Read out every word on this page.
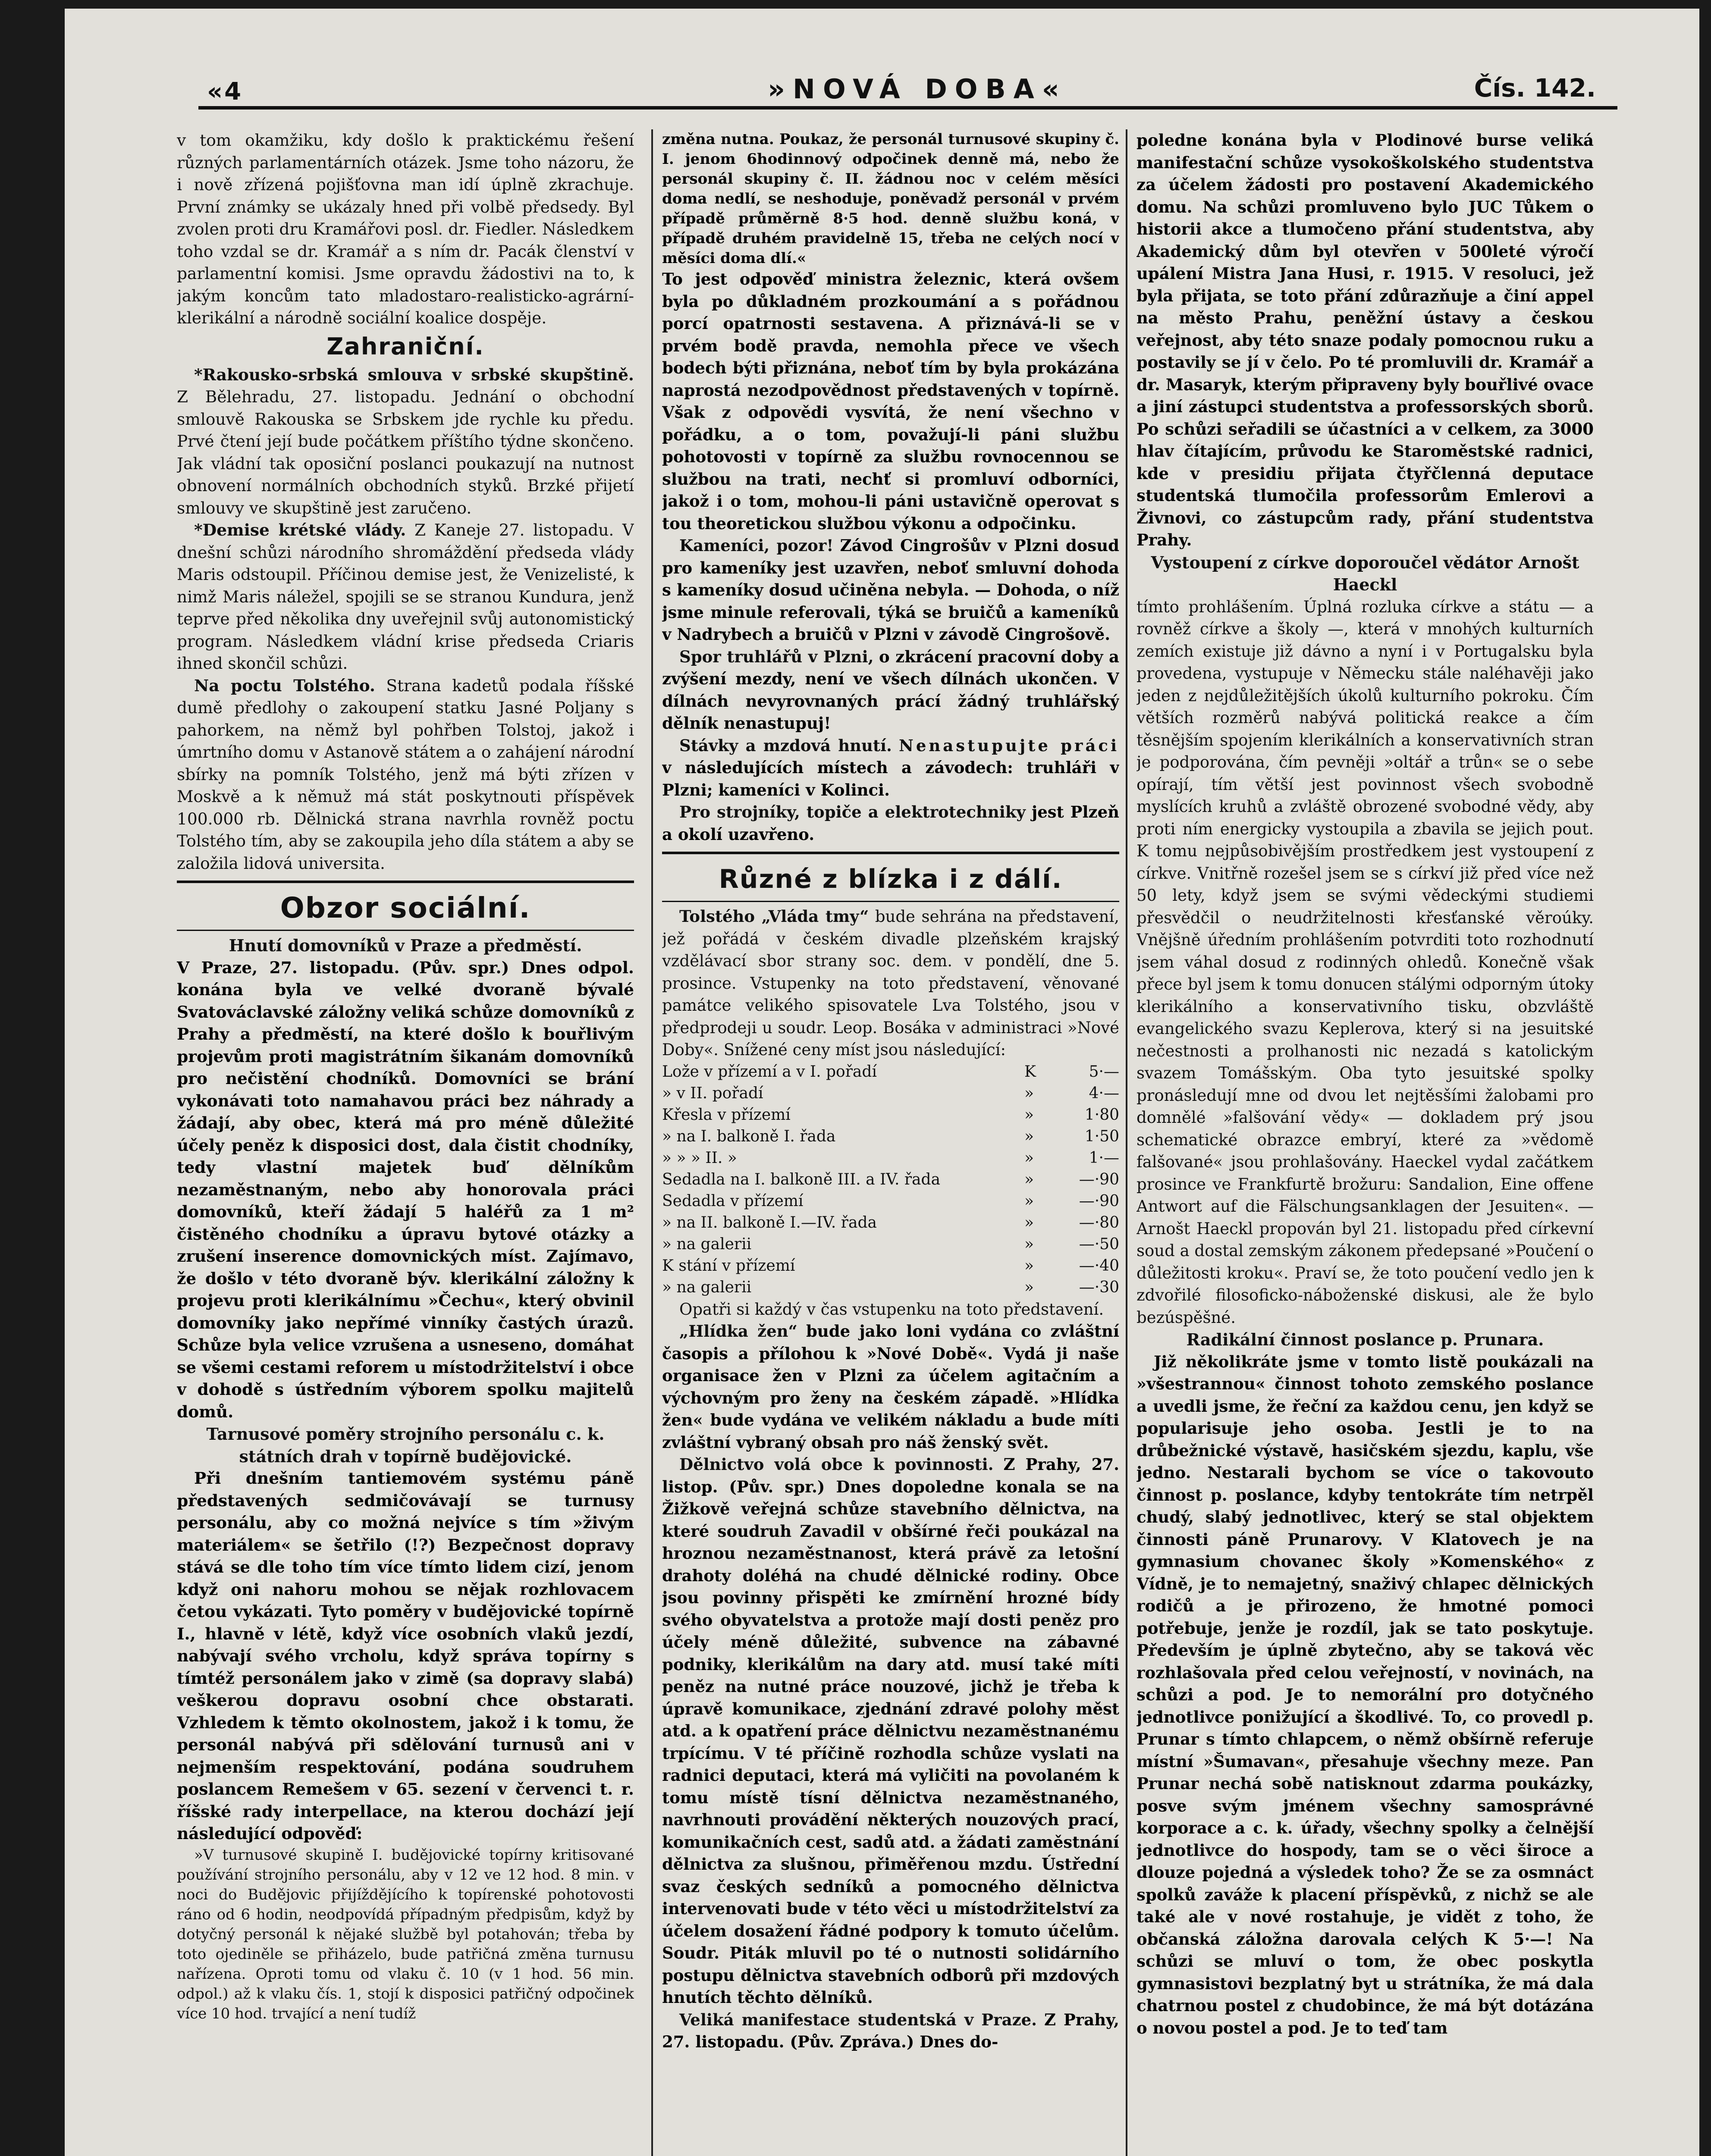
«4	»NOVÁ DOBA«	Čís. 142.

v tom okamžiku, kdy došlo k praktickému řešení různých parlamentárních otázek. Jsme toho názoru, že i nově zřízená pojišťovna man idí úplně zkrachuje. První známky se ukázaly hned při volbě předsedy. Byl zvolen proti dru Kramářovi posl. dr. Fiedler. Následkem toho vzdal se dr. Kramář a s ním dr. Pacák členství v parlamentní komisi. Jsme opravdu žádostivi na to, k jakým koncům tato mladostaro-realisticko-agrární-klerikální a národně sociální koalice dospěje.

Zahraniční.

*Rakousko-srbská smlouva v srbské skupštině. Z Bělehradu, 27. listopadu. Jednání o obchodní smlouvě Rakouska se Srbskem jde rychle ku předu. Prvé čtení její bude počátkem příštího týdne skončeno. Jak vládní tak oposiční poslanci poukazují na nutnost obnovení normálních obchodních styků. Brzké přijetí smlouvy ve skupštině jest zaručeno.

*Demise krétské vlády. Z Kaneje 27. listopadu. V dnešní schůzi národního shromáždění předseda vlády Maris odstoupil. Příčinou demise jest, že Venizelisté, k nimž Maris náležel, spojili se se stranou Kundura, jenž teprve před několika dny uveřejnil svůj autonomistický program. Následkem vládní krise předseda Criaris ihned skončil schůzi.

Na poctu Tolstého. Strana kadetů podala říšské dumě předlohy o zakoupení statku Jasné Poljany s pahorkem, na němž byl pohřben Tolstoj, jakož i úmrtního domu v Astanově státem a o zahájení národní sbírky na pomník Tolstého, jenž má býti zřízen v Moskvě a k němuž má stát poskytnouti příspěvek 100.000 rb. Dělnická strana navrhla rovněž poctu Tolstého tím, aby se zakoupila jeho díla státem a aby se založila lidová universita.

Obzor sociální.

Hnutí domovníků v Praze a předměstí.

V Praze, 27. listopadu. (Pův. spr.) Dnes odpol. konána byla ve velké dvoraně bývalé Svatováclavské záložny veliká schůze domovníků z Prahy a předměstí, na které došlo k bouřlivým projevům proti magistrátním šikanám domovníků pro nečistění chodníků. Domovníci se brání vykonávati toto namahavou práci bez náhrady a žádají, aby obec, která má pro méně důležité účely peněz k disposici dost, dala čistit chodníky, tedy vlastní majetek buď dělníkům nezaměstnaným, nebo aby honorovala práci domovníků, kteří žádají 5 haléřů za 1 m² čistěného chodníku a úpravu bytové otázky a zrušení inserence domovnických míst. Zajímavo, že došlo v této dvoraně býv. klerikální záložny k projevu proti klerikálnímu »Čechu«, který obvinil domovníky jako nepřímé vinníky častých úrazů. Schůze byla velice vzrušena a usneseno, domáhat se všemi cestami reforem u místodržitelství i obce v dohodě s ústředním výborem spolku majitelů domů.

Tarnusové poměry strojního personálu c. k. státních drah v topírně budějovické.

Při dnešním tantiemovém systému páně představených sedmičovávají se turnusy personálu, aby co možná nejvíce s tím »živým materiálem« se šetřilo (!?) Bezpečnost dopravy stává se dle toho tím více tímto lidem cizí, jenom když oni nahoru mohou se nějak rozhlovacem četou vykázati. Tyto poměry v budějovické topírně I., hlavně v létě, když více osobních vlaků jezdí, nabývají svého vrcholu, když správa topírny s tímtéž personálem jako v zimě (sa dopravy slabá) veškerou dopravu osobní chce obstarati. Vzhledem k těmto okolnostem, jakož i k tomu, že personál nabývá při sdělování turnusů ani v nejmenším respektování, podána soudruhem poslancem Remešem v 65. sezení v červenci t. r. říšské rady interpellace, na kterou dochází její následující odpověď:

»V turnusové skupině I. budějovické topírny kritisované používání strojního personálu, aby v 12 ve 12 hod. 8 min. v noci do Budějovic přijíždějícího k topírenské pohotovosti ráno od 6 hodin, neodpovídá případným předpisům, když by dotyčný personál k nějaké službě byl potahován; třeba by toto ojediněle se přiházelo, bude patřičná změna turnusu nařízena. Oproti tomu od vlaku č. 10 (v 1 hod. 56 min. odpol.) až k vlaku čís. 1, stojí k disposici patřičný odpočinek více 10 hod. trvající a není tudíž

změna nutna. Poukaz, že personál turnusové skupiny č. I. jenom 6hodinnový odpočinek denně má, nebo že personál skupiny č. II. žádnou noc v celém měsíci doma nedlí, se neshoduje, poněvadž personál v prvém případě průměrně 8·5 hod. denně službu koná, v případě druhém pravidelně 15, třeba ne celých nocí v měsíci doma dlí.«

To jest odpověď ministra železnic, která ovšem byla po důkladném prozkoumání a s pořádnou porcí opatrnosti sestavena. A přiznává-li se v prvém bodě pravda, nemohla přece ve všech bodech býti přiznána, neboť tím by byla prokázána naprostá nezodpovědnost představených v topírně. Však z odpovědi vysvítá, že není všechno v pořádku, a o tom, považují-li páni službu pohotovosti v topírně za službu rovnocennou se službou na trati, nechť si promluví odborníci, jakož i o tom, mohou-li páni ustavičně operovat s tou theoretickou službou výkonu a odpočinku.

Kameníci, pozor! Závod Cingrošův v Plzni dosud pro kameníky jest uzavřen, neboť smluvní dohoda s kameníky dosud učiněna nebyla. — Dohoda, o níž jsme minule referovali, týká se bruičů a kameníků v Nadrybech a bruičů v Plzni v závodě Cingrošově.

Spor truhlářů v Plzni, o zkrácení pracovní doby a zvýšení mezdy, není ve všech dílnách ukončen. V dílnách nevyrovnaných prácí žádný truhlářský dělník nenastupuj!

Stávky a mzdová hnutí. Nenastupujte práci v následujících místech a závodech: truhláři v Plzni; kameníci v Kolinci.

Pro strojníky, topiče a elektrotechniky jest Plzeň a okolí uzavřeno.

Různé z blízka i z dálí.

Tolstého „Vláda tmy“ bude sehrána na představení, jež pořádá v českém divadle plzeňském krajský vzdělávací sbor strany soc. dem. v pondělí, dne 5. prosince. Vstupenky na toto představení, věnované památce velikého spisovatele Lva Tolstého, jsou v předprodeji u soudr. Leop. Bosáka v administraci »Nové Doby«. Snížené ceny míst jsou následující:

Lože v přízemí a v I. pořadí	K	5·—
» v II. pořadí	»	4·—
Křesla v přízemí	»	1·80
» na I. balkoně I. řada	»	1·50
» » » II. »	»	1·—
Sedadla na I. balkoně III. a IV. řada	»	—·90
Sedadla v přízemí	»	—·90
» na II. balkoně I.—IV. řada	»	—·80
» na galerii	»	—·50
K stání v přízemí	»	—·40
» na galerii	»	—·30

Opatři si každý v čas vstupenku na toto představení.

„Hlídka žen“ bude jako loni vydána co zvláštní časopis a přílohou k »Nové Době«. Vydá ji naše organisace žen v Plzni za účelem agitačním a výchovným pro ženy na českém západě. »Hlídka žen« bude vydána ve velikém nákladu a bude míti zvláštní vybraný obsah pro náš ženský svět.

Dělnictvo volá obce k povinnosti. Z Prahy, 27. listop. (Pův. spr.) Dnes dopoledne konala se na Žižkově veřejná schůze stavebního dělnictva, na které soudruh Zavadil v obšírné řeči poukázal na hroznou nezaměstnanost, která právě za letošní drahoty doléhá na chudé dělnické rodiny. Obce jsou povinny přispěti ke zmírnění hrozné bídy svého obyvatelstva a protože mají dosti peněz pro účely méně důležité, subvence na zábavné podniky, klerikálům na dary atd. musí také míti peněz na nutné práce nouzové, jichž je třeba k úpravě komunikace, zjednání zdravé polohy měst atd. a k opatření práce dělnictvu nezaměstnanému trpícímu. V té příčině rozhodla schůze vyslati na radnici deputaci, která má vyličiti na povolaném k tomu místě tísní dělnictva nezaměstnaného, navrhnouti provádění některých nouzových prací, komunikačních cest, sadů atd. a žádati zaměstnání dělnictva za slušnou, přiměřenou mzdu. Ústřední svaz českých sedníků a pomocného dělnictva intervenovati bude v této věci u místodržitelství za účelem dosažení řádné podpory k tomuto účelům. Soudr. Piták mluvil po té o nutnosti solidárního postupu dělnictva stavebních odborů při mzdových hnutích těchto dělníků.

Veliká manifestace studentská v Praze. Z Prahy, 27. listopadu. (Pův. Zpráva.) Dnes do-

poledne konána byla v Plodinové burse veliká manifestační schůze vysokoškolského studentstva za účelem žádosti pro postavení Akademického domu. Na schůzi promluveno bylo JUC Tůkem o historii akce a tlumočeno přání studentstva, aby Akademický dům byl otevřen v 500leté výročí upálení Mistra Jana Husi, r. 1915. V resoluci, jež byla přijata, se toto přání zdůrazňuje a činí appel na město Prahu, peněžní ústavy a českou veřejnost, aby této snaze podaly pomocnou ruku a postavily se jí v čelo. Po té promluvili dr. Kramář a dr. Masaryk, kterým připraveny byly bouřlivé ovace a jiní zástupci studentstva a professorských sborů. Po schůzi seřadili se účastníci a v celkem, za 3000 hlav čítajícím, průvodu ke Staroměstské radnici, kde v presidiu přijata čtyřčlenná deputace studentská tlumočila professorům Emlerovi a Živnovi, co zástupcům rady, přání studentstva Prahy.

Vystoupení z církve doporoučel vědátor Arnošt Haeckl

tímto prohlášením. Úplná rozluka církve a státu — a rovněž církve a školy —, která v mnohých kulturních zemích existuje již dávno a nyní i v Portugalsku byla provedena, vystupuje v Německu stále naléhavěji jako jeden z nejdůležitějších úkolů kulturního pokroku. Čím větších rozměrů nabývá politická reakce a čím těsnějším spojením klerikálních a konservativních stran je podporována, čím pevněji »oltář a trůn« se o sebe opírají, tím větší jest povinnost všech svobodně myslících kruhů a zvláště obrozené svobodné vědy, aby proti ním energicky vystoupila a zbavila se jejich pout. K tomu nejpůsobivějším prostředkem jest vystoupení z církve. Vnitřně rozešel jsem se s církví již před více než 50 lety, když jsem se svými vědeckými studiemi přesvědčil o neudržitelnosti křesťanské věroúky. Vnějšně úředním prohlášením potvrditi toto rozhodnutí jsem váhal dosud z rodinných ohledů. Konečně však přece byl jsem k tomu donucen stálými odporným útoky klerikálního a konservativního tisku, obzvláště evangelického svazu Keplerova, který si na jesuitské nečestnosti a prolhanosti nic nezadá s katolickým svazem Tomášským. Oba tyto jesuitské spolky pronásledují mne od dvou let nejtěsšími žalobami pro domnělé »falšování vědy« — dokladem prý jsou schematické obrazce embryí, které za »vědomě falšované« jsou prohlašovány. Haeckel vydal začátkem prosince ve Frankfurtě brožuru: Sandalion, Eine offene Antwort auf die Fälschungsanklagen der Jesuiten«. — Arnošt Haeckl propován byl 21. listopadu před církevní soud a dostal zemským zákonem předepsané »Poučení o důležitosti kroku«. Praví se, že toto poučení vedlo jen k zdvořilé filosoficko-náboženské diskusi, ale že bylo bezúspěšné.

Radikální činnost poslance p. Prunara.

Již několikráte jsme v tomto listě poukázali na »všestrannou« činnost tohoto zemského poslance a uvedli jsme, že řeční za každou cenu, jen když se popularisuje jeho osoba. Jestli je to na drůbežnické výstavě, hasičském sjezdu, kaplu, vše jedno. Nestarali bychom se více o takovouto činnost p. poslance, kdyby tentokráte tím netrpěl chudý, slabý jednotlivec, který se stal objektem činnosti páně Prunarovy. V Klatovech je na gymnasium chovanec školy »Komenského« z Vídně, je to nemajetný, snaživý chlapec dělnických rodičů a je přirozeno, že hmotné pomoci potřebuje, jenže je rozdíl, jak se tato poskytuje. Především je úplně zbytečno, aby se taková věc rozhlašovala před celou veřejností, v novinách, na schůzi a pod. Je to nemorální pro dotyčného jednotlivce ponižující a škodlivé. To, co provedl p. Prunar s tímto chlapcem, o němž obšírně referuje místní »Šumavan«, přesahuje všechny meze. Pan Prunar nechá sobě natisknout zdarma poukázky, posve svým jménem všechny samosprávné korporace a c. k. úřady, všechny spolky a čelnější jednotlivce do hospody, tam se o věci široce a dlouze pojedná a výsledek toho? Že se za osmnáct spolků zaváže k placení příspěvků, z nichž se ale také ale v nové rostahuje, je vidět z toho, že občanská záložna darovala celých K 5·—! Na schůzi se mluví o tom, že obec poskytla gymnasistovi bezplatný byt u strátníka, že má dala chatrnou postel z chudobince, že má být dotázána o novou postel a pod. Je to teď tam
